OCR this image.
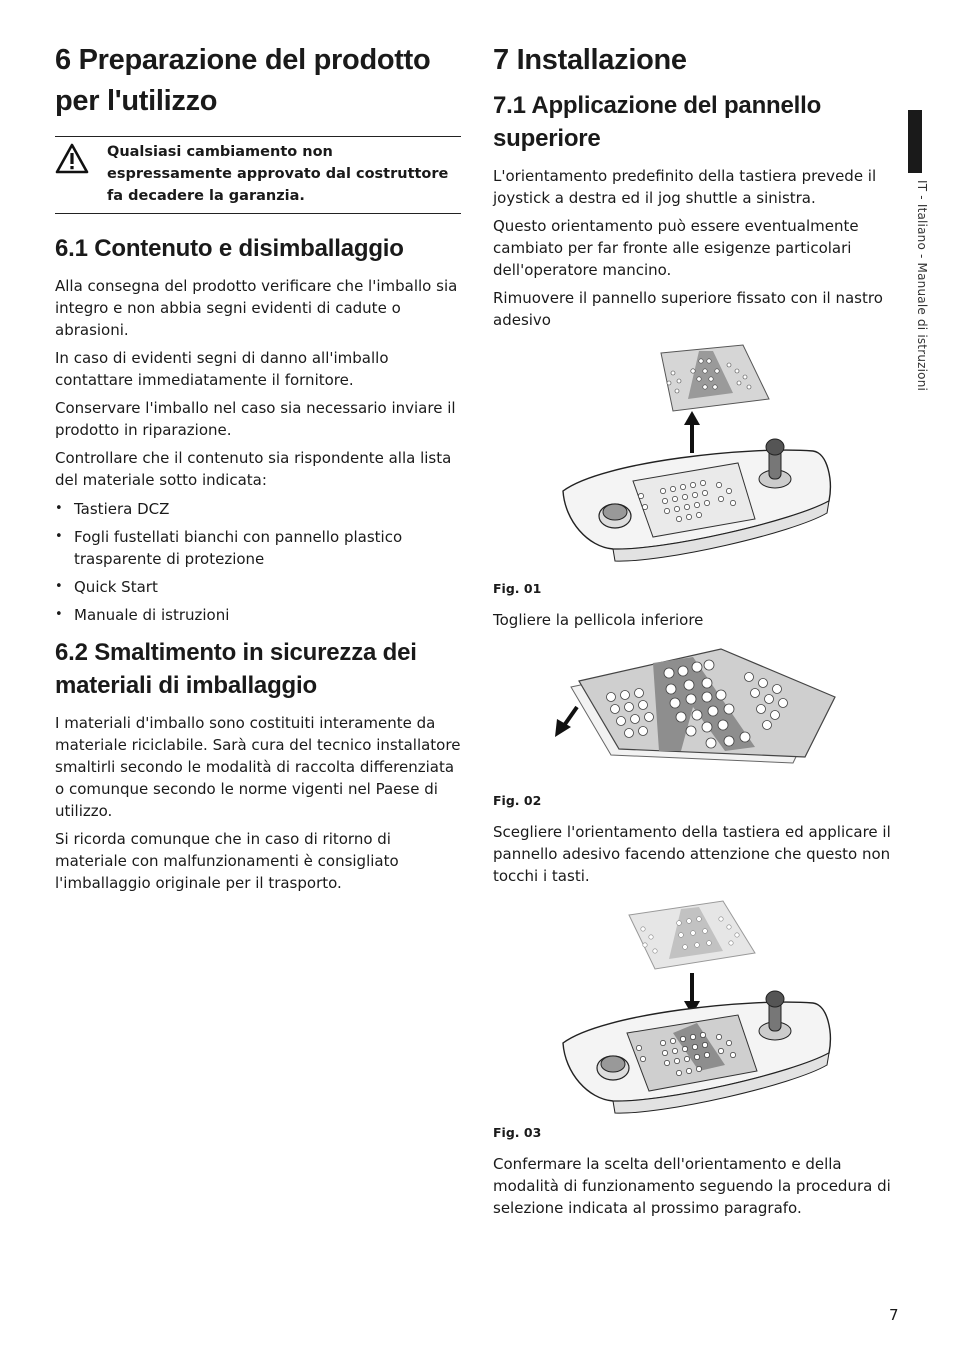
6 Preparazione del prodotto per l'utilizzo
Qualsiasi cambiamento non espressamente approvato dal costruttore fa decadere la garanzia.
6.1 Contenuto e disimballaggio

Alla consegna del prodotto verificare che l'imballo sia integro e non abbia segni evidenti di cadute o abrasioni.

In caso di evidenti segni di danno all'imballo contattare immediatamente il fornitore.

Conservare l'imballo nel caso sia necessario inviare il prodotto in riparazione.

Controllare che il contenuto sia rispondente alla lista del materiale sotto indicata:

• Tastiera DCZ
• Fogli fustellati bianchi con pannello plastico trasparente di protezione
• Quick Start
• Manuale di istruzioni
6.2 Smaltimento in sicurezza dei materiali di imballaggio

I materiali d'imballo sono costituiti interamente da materiale riciclabile. Sarà cura del tecnico installatore smaltirli secondo le modalità di raccolta differenziata o comunque secondo le norme vigenti nel Paese di utilizzo.

Si ricorda comunque che in caso di ritorno di materiale con malfunzionamenti è consigliato l'imballaggio originale per il trasporto.

7 Installazione
7.1 Applicazione del pannello superiore

L'orientamento predefinito della tastiera prevede il joystick a destra ed il jog shuttle a sinistra.

Questo orientamento può essere eventualmente cambiato per far fronte alle esigenze particolari dell'operatore mancino.

Rimuovere il pannello superiore fissato con il nastro adesivo

Fig. 01

Togliere la pellicola inferiore

Fig. 02

Scegliere l'orientamento della tastiera ed applicare il pannello adesivo facendo attenzione che questo non tocchi i tasti.

Fig. 03

Confermare la scelta dell'orientamento e della modalità di funzionamento seguendo la procedura di selezione indicata al prossimo paragrafo.

IT - Italiano - Manuale di istruzioni
7
